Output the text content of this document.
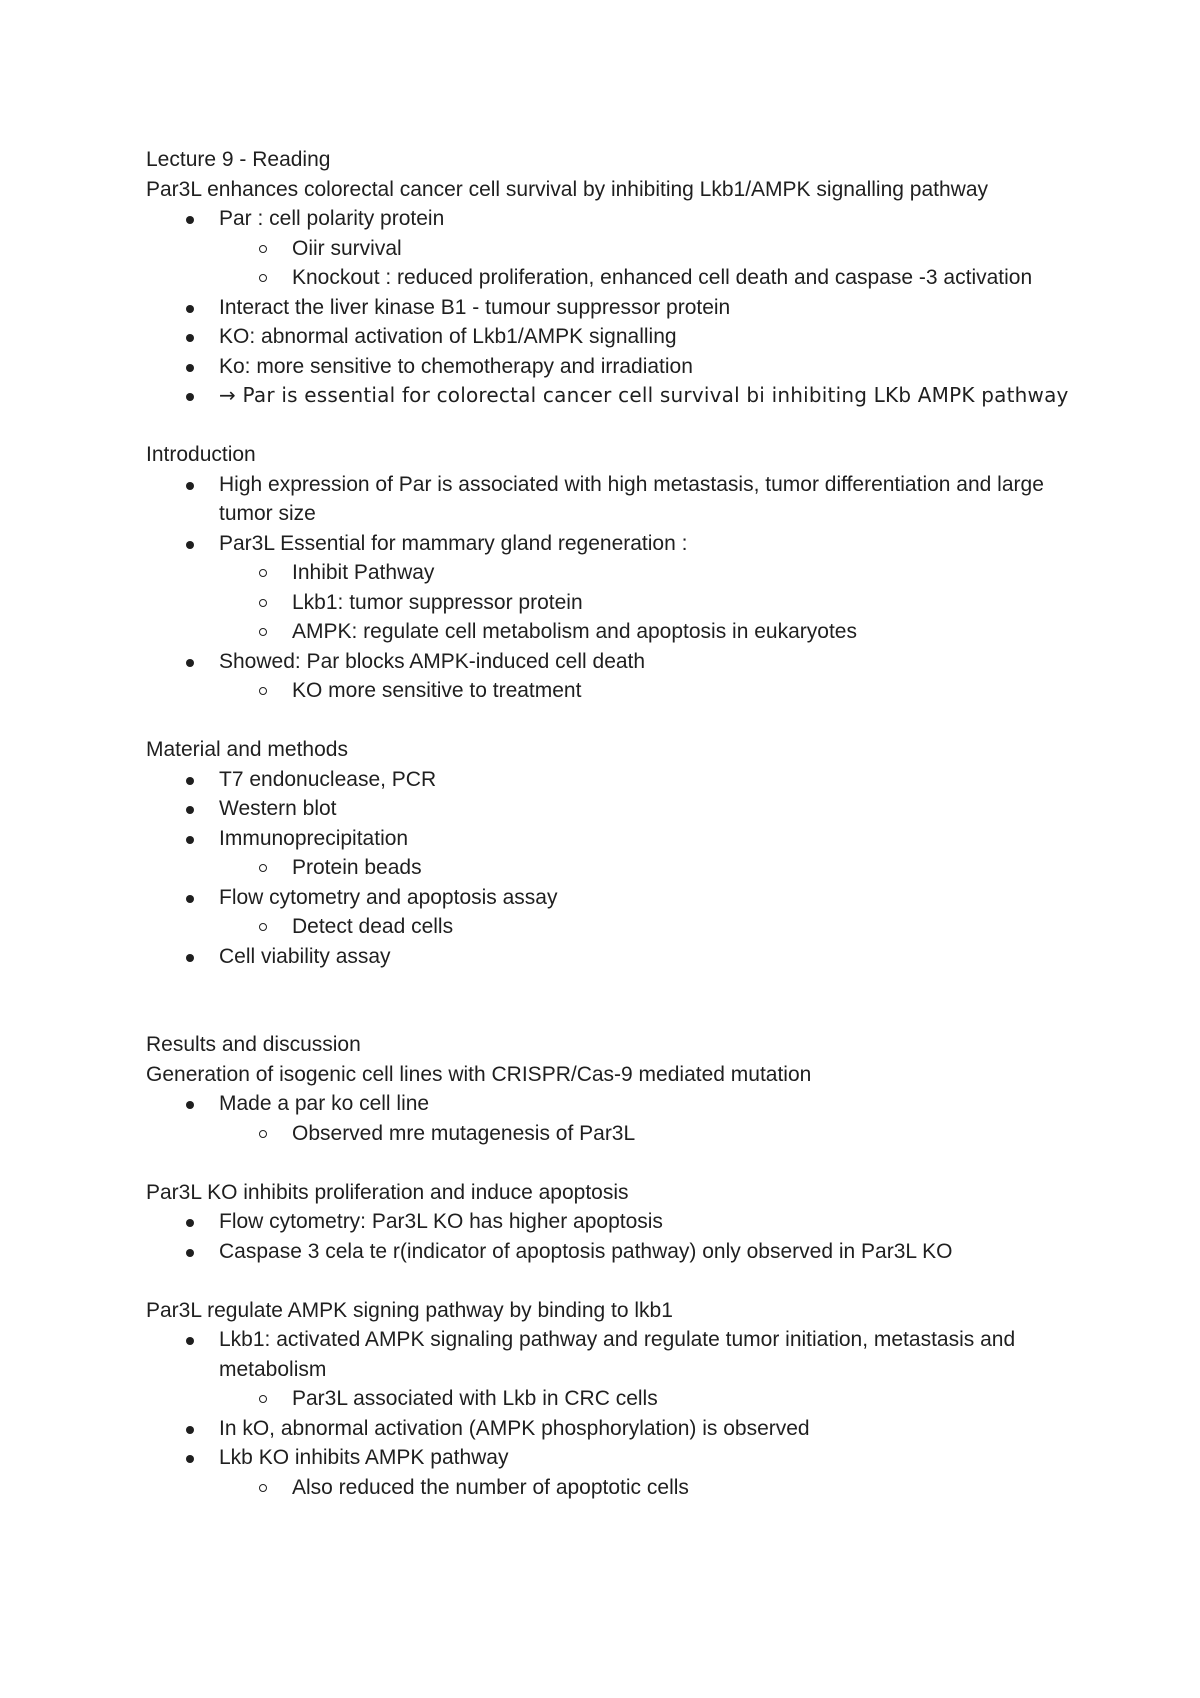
Lecture 9 - Reading

Par3L enhances colorectal cancer cell survival by inhibiting Lkb1/AMPK signalling pathway

Par : cell polarity protein
Oiir survival
Knockout : reduced proliferation, enhanced cell death and caspase -3 activation
Interact the liver kinase B1 - tumour suppressor protein
KO: abnormal activation of Lkb1/AMPK signalling
Ko: more sensitive to chemotherapy and irradiation
→ Par is essential for colorectal cancer cell survival bi inhibiting LKb AMPK pathway

Introduction

High expression of Par is associated with high metastasis, tumor differentiation and large tumor size
Par3L Essential for mammary gland regeneration :
Inhibit Pathway
Lkb1: tumor suppressor protein
AMPK: regulate cell metabolism and apoptosis in eukaryotes
Showed: Par blocks AMPK-induced cell death
KO more sensitive to treatment

Material and methods

T7 endonuclease, PCR
Western blot
Immunoprecipitation
Protein beads
Flow cytometry and apoptosis assay
Detect dead cells
Cell viability assay

Results and discussion

Generation of isogenic cell lines with CRISPR/Cas-9 mediated mutation

Made a par ko cell line
Observed mre mutagenesis of Par3L

Par3L KO inhibits proliferation and induce apoptosis

Flow cytometry: Par3L KO has higher apoptosis
Caspase 3 cela te r(indicator of apoptosis pathway) only observed in Par3L KO

Par3L regulate AMPK signing pathway by binding to lkb1

Lkb1: activated AMPK signaling pathway and regulate tumor initiation, metastasis and metabolism
Par3L associated with Lkb in CRC cells
In kO, abnormal activation (AMPK phosphorylation) is observed
Lkb KO inhibits AMPK pathway
Also reduced the number of apoptotic cells
